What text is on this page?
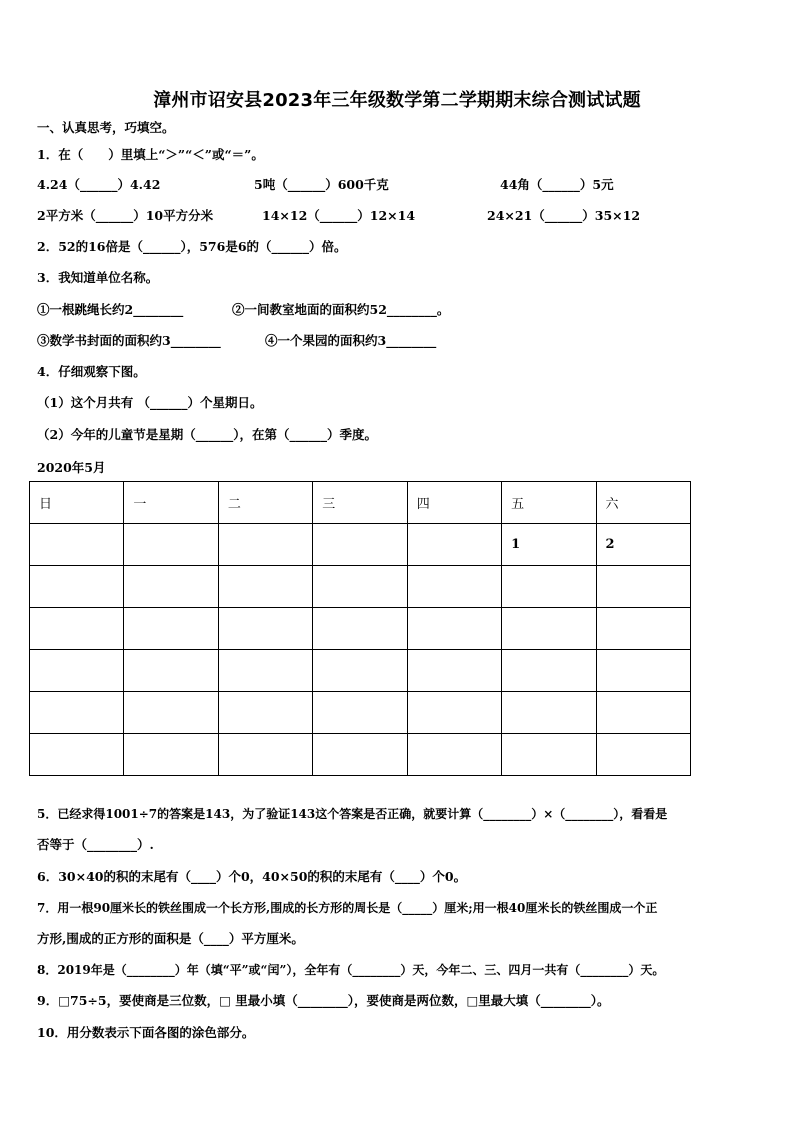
漳州市诏安县2023年三年级数学第二学期期末综合测试试题
一、认真思考，巧填空。
1．在（　　）里填上“＞”“＜”或“＝”。
4.24（______）4.42	5吨（______）600千克	44角（______）5元
2平方米（______）10平方分米	14×12（______）12×14	24×21（______）35×12
2．52的16倍是（______），576是6的（______）倍。
3．我知道单位名称。
①一根跳绳长约2________	②一间教室地面的面积约52________。
③数学书封面的面积约3________	④一个果园的面积约3________
4．仔细观察下图。
（1）这个月共有 （______）个星期日。
（2）今年的儿童节是星期（______），在第（______）季度。
2020年5月
日	一	二	三	四	五	六
					1	2

5．已经求得1001÷7的答案是143，为了验证143这个答案是否正确，就要计算（________）×（________），看看是
否等于（________）.
6．30×40的积的末尾有（____）个0，40×50的积的末尾有（____）个0。
7．用一根90厘米长的铁丝围成一个长方形,围成的长方形的周长是（_____）厘米;用一根40厘米长的铁丝围成一个正
方形,围成的正方形的面积是（____）平方厘米。
8．2019年是（________）年（填“平”或“闰”），全年有（________）天，今年二、三、四月一共有（________）天。
9．□75÷5，要使商是三位数，□ 里最小填（________），要使商是两位数，□里最大填（________）。
10．用分数表示下面各图的涂色部分。
